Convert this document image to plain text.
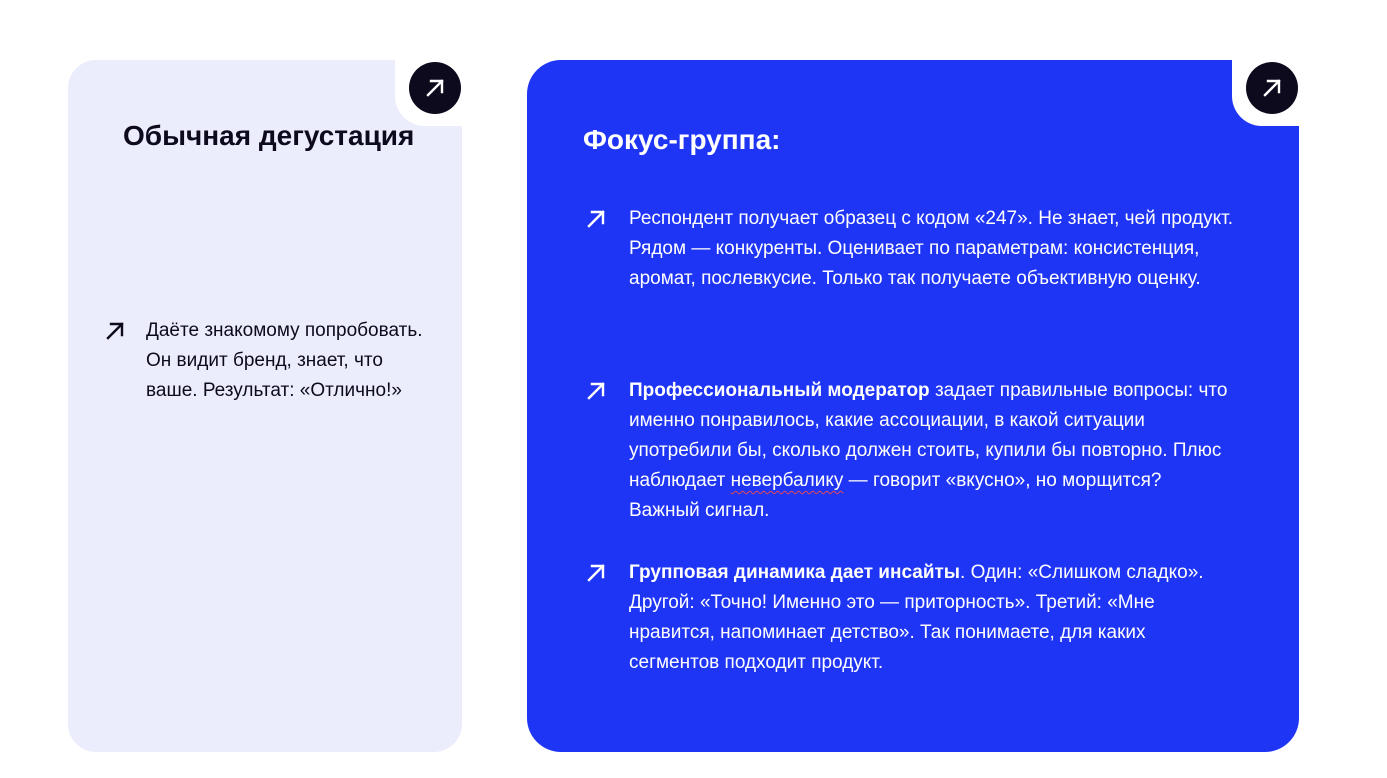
Обычная дегустация
Даёте знакомому попробовать. Он видит бренд, знает, что ваше. Результат: «Отлично!»
Фокус-группа:
Респондент получает образец с кодом «247». Не знает, чей продукт. Рядом — конкуренты. Оценивает по параметрам: консистенция, аромат, послевкусие. Только так получаете объективную оценку.
Профессиональный модератор задает правильные вопросы: что именно понравилось, какие ассоциации, в какой ситуации употребили бы, сколько должен стоить, купили бы повторно. Плюс наблюдает невербалику — говорит «вкусно», но морщится? Важный сигнал.
Групповая динамика дает инсайты. Один: «Слишком сладко». Другой: «Точно! Именно это — приторность». Третий: «Мне нравится, напоминает детство». Так понимаете, для каких сегментов подходит продукт.
